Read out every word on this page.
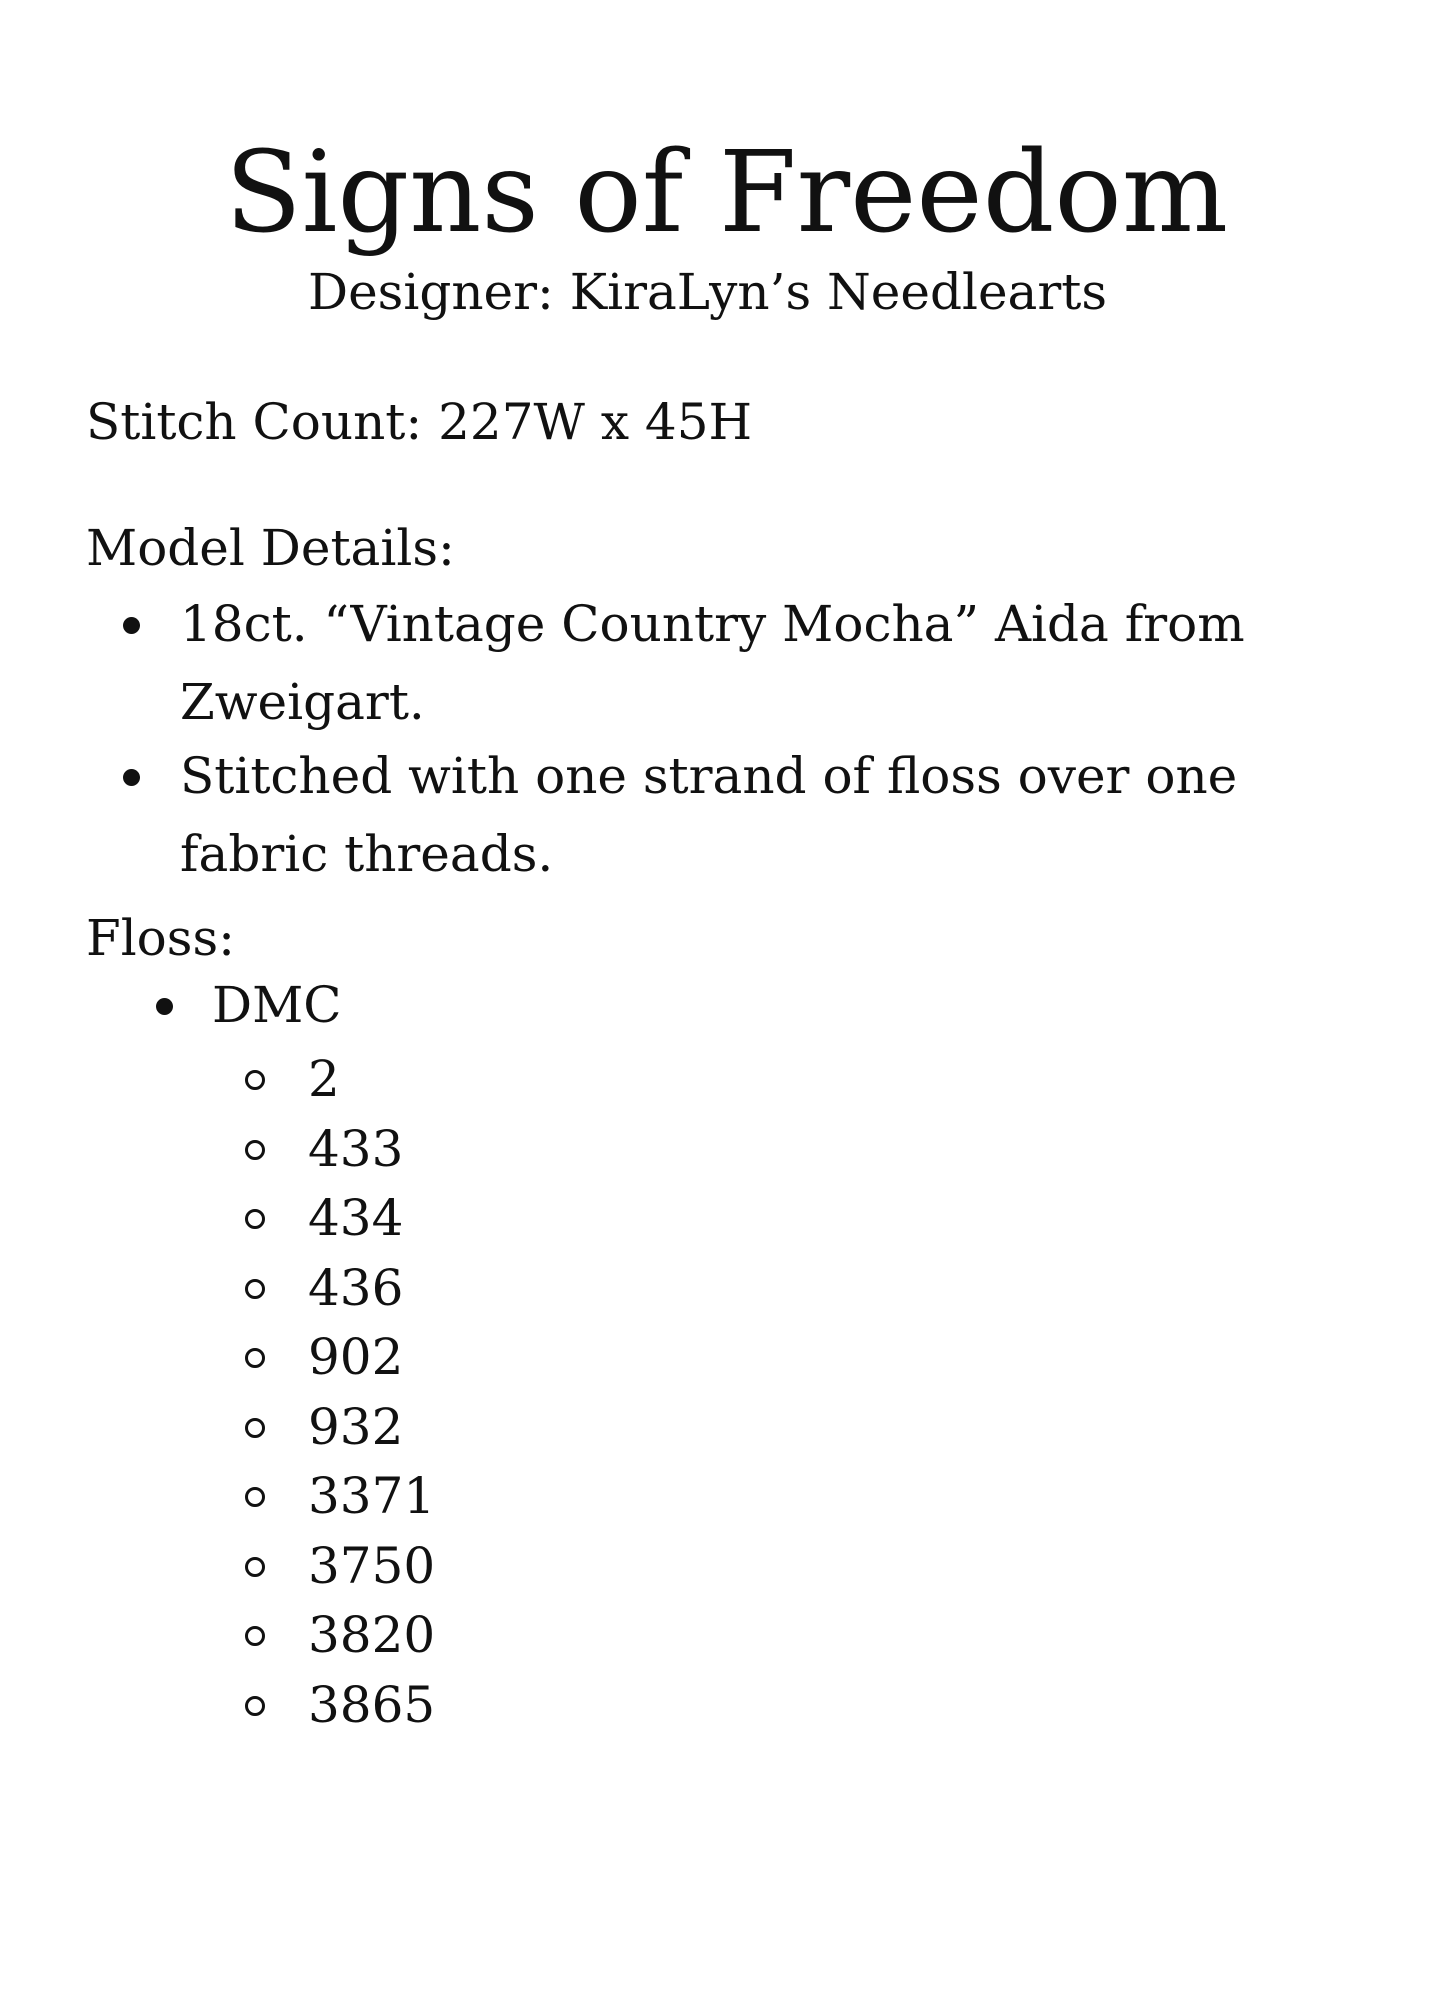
Signs of Freedom

Designer: KiraLyn’s Needlearts

Stitch Count: 227W x 45H

Model Details:

18ct. “Vintage Country Mocha” Aida from Zweigart.
Stitched with one strand of floss over one fabric threads.

Floss:

DMC
2
433
434
436
902
932
3371
3750
3820
3865
